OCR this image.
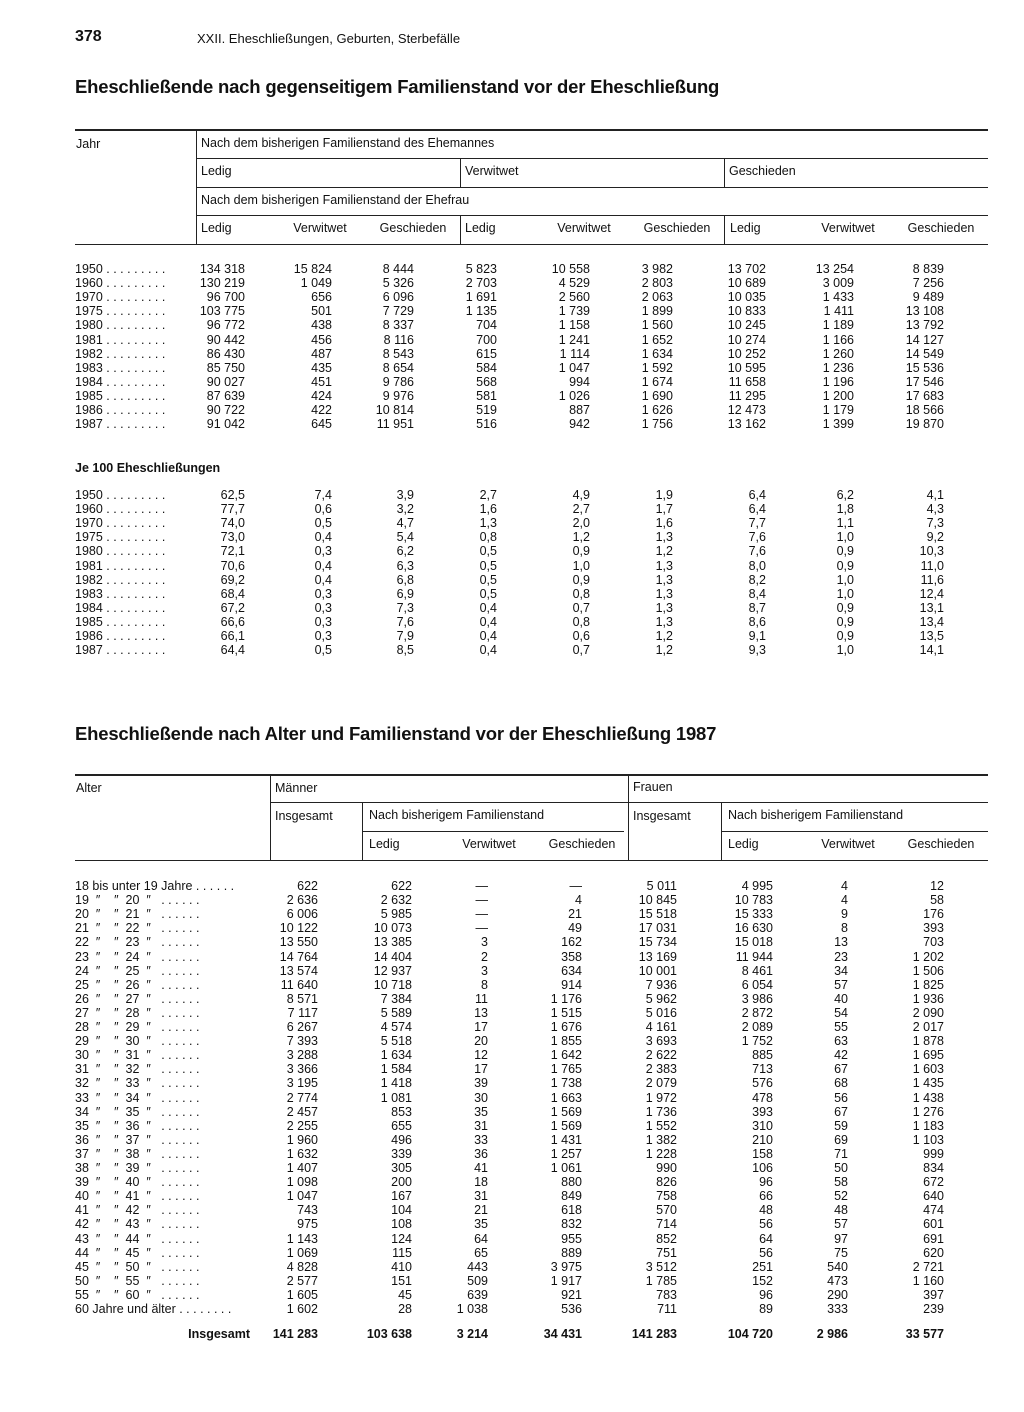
378	XXII. Eheschließungen, Geburten, Sterbefälle
Eheschließende nach gegenseitigem Familienstand vor der Eheschließung
Jahr	Nach dem bisherigen Familienstand des Ehemannes
Ledig	Verwitwet	Geschieden
Nach dem bisherigen Familienstand der Ehefrau
Ledig	Verwitwet	Geschieden Ledig	Verwitwet	Geschieden Ledig	Verwitwet	Geschieden
1950 . . . . . . . . .	134 318	15 824	8 444	5 823	10 558	3 982	13 702	13 254	8 839
1960 . . . . . . . . .	130 219	1 049	5 326	2 703	4 529	2 803	10 689	3 009	7 256
1970 . . . . . . . . .	96 700	656	6 096	1 691	2 560	2 063	10 035	1 433	9 489
1975 . . . . . . . . .	103 775	501	7 729	1 135	1 739	1 899	10 833	1 411	13 108
1980 . . . . . . . . .	96 772	438	8 337	704	1 158	1 560	10 245	1 189	13 792
1981 . . . . . . . . .	90 442	456	8 116	700	1 241	1 652	10 274	1 166	14 127
1982 . . . . . . . . .	86 430	487	8 543	615	1 114	1 634	10 252	1 260	14 549
1983 . . . . . . . . .	85 750	435	8 654	584	1 047	1 592	10 595	1 236	15 536
1984 . . . . . . . . .	90 027	451	9 786	568	994	1 674	11 658	1 196	17 546
1985 . . . . . . . . .	87 639	424	9 976	581	1 026	1 690	11 295	1 200	17 683
1986 . . . . . . . . .	90 722	422	10 814	519	887	1 626	12 473	1 179	18 566
1987 . . . . . . . . .	91 042	645	11 951	516	942	1 756	13 162	1 399	19 870
Je 100 Eheschließungen
1950 . . . . . . . . .	62,5	7,4	3,9	2,7	4,9	1,9	6,4	6,2	4,1
1960 . . . . . . . . .	77,7	0,6	3,2	1,6	2,7	1,7	6,4	1,8	4,3
1970 . . . . . . . . .	74,0	0,5	4,7	1,3	2,0	1,6	7,7	1,1	7,3
1975 . . . . . . . . .	73,0	0,4	5,4	0,8	1,2	1,3	7,6	1,0	9,2
1980 . . . . . . . . .	72,1	0,3	6,2	0,5	0,9	1,2	7,6	0,9	10,3
1981 . . . . . . . . .	70,6	0,4	6,3	0,5	1,0	1,3	8,0	0,9	11,0
1982 . . . . . . . . .	69,2	0,4	6,8	0,5	0,9	1,3	8,2	1,0	11,6
1983 . . . . . . . . .	68,4	0,3	6,9	0,5	0,8	1,3	8,4	1,0	12,4
1984 . . . . . . . . .	67,2	0,3	7,3	0,4	0,7	1,3	8,7	0,9	13,1
1985 . . . . . . . . .	66,6	0,3	7,6	0,4	0,8	1,3	8,6	0,9	13,4
1986 . . . . . . . . .	66,1	0,3	7,9	0,4	0,6	1,2	9,1	0,9	13,5
1987 . . . . . . . . .	64,4	0,5	8,5	0,4	0,7	1,2	9,3	1,0	14,1
Eheschließende nach Alter und Familienstand vor der Eheschließung 1987
Alter	Männer	Frauen
Insgesamt	Nach bisherigem Familienstand	Insgesamt	Nach bisherigem Familienstand
Ledig	Verwitwet	Geschieden	Ledig	Verwitwet	Geschieden
18 bis unter 19 Jahre . . . . . .	622	622	—	—	5 011	4 995	4	12
19  ″    ″  20  ″   . . . . . .	2 636	2 632	—	4	10 845	10 783	4	58
20  ″    ″  21  ″   . . . . . .	6 006	5 985	—	21	15 518	15 333	9	176
21  ″    ″  22  ″   . . . . . .	10 122	10 073	—	49	17 031	16 630	8	393
22  ″    ″  23  ″   . . . . . .	13 550	13 385	3	162	15 734	15 018	13	703
23  ″    ″  24  ″   . . . . . .	14 764	14 404	2	358	13 169	11 944	23	1 202
24  ″    ″  25  ″   . . . . . .	13 574	12 937	3	634	10 001	8 461	34	1 506
25  ″    ″  26  ″   . . . . . .	11 640	10 718	8	914	7 936	6 054	57	1 825
26  ″    ″  27  ″   . . . . . .	8 571	7 384	11	1 176	5 962	3 986	40	1 936
27  ″    ″  28  ″   . . . . . .	7 117	5 589	13	1 515	5 016	2 872	54	2 090
28  ″    ″  29  ″   . . . . . .	6 267	4 574	17	1 676	4 161	2 089	55	2 017
29  ″    ″  30  ″   . . . . . .	7 393	5 518	20	1 855	3 693	1 752	63	1 878
30  ″    ″  31  ″   . . . . . .	3 288	1 634	12	1 642	2 622	885	42	1 695
31  ″    ″  32  ″   . . . . . .	3 366	1 584	17	1 765	2 383	713	67	1 603
32  ″    ″  33  ″   . . . . . .	3 195	1 418	39	1 738	2 079	576	68	1 435
33  ″    ″  34  ″   . . . . . .	2 774	1 081	30	1 663	1 972	478	56	1 438
34  ″    ″  35  ″   . . . . . .	2 457	853	35	1 569	1 736	393	67	1 276
35  ″    ″  36  ″   . . . . . .	2 255	655	31	1 569	1 552	310	59	1 183
36  ″    ″  37  ″   . . . . . .	1 960	496	33	1 431	1 382	210	69	1 103
37  ″    ″  38  ″   . . . . . .	1 632	339	36	1 257	1 228	158	71	999
38  ″    ″  39  ″   . . . . . .	1 407	305	41	1 061	990	106	50	834
39  ″    ″  40  ″   . . . . . .	1 098	200	18	880	826	96	58	672
40  ″    ″  41  ″   . . . . . .	1 047	167	31	849	758	66	52	640
41  ″    ″  42  ″   . . . . . .	743	104	21	618	570	48	48	474
42  ″    ″  43  ″   . . . . . .	975	108	35	832	714	56	57	601
43  ″    ″  44  ″   . . . . . .	1 143	124	64	955	852	64	97	691
44  ″    ″  45  ″   . . . . . .	1 069	115	65	889	751	56	75	620
45  ″    ″  50  ″   . . . . . .	4 828	410	443	3 975	3 512	251	540	2 721
50  ″    ″  55  ″   . . . . . .	2 577	151	509	1 917	1 785	152	473	1 160
55  ″    ″  60  ″   . . . . . .	1 605	45	639	921	783	96	290	397
60 Jahre und älter . . . . . . . .	1 602	28	1 038	536	711	89	333	239
Insgesamt 141 283	103 638	3 214	34 431	141 283	104 720	2 986	33 577
